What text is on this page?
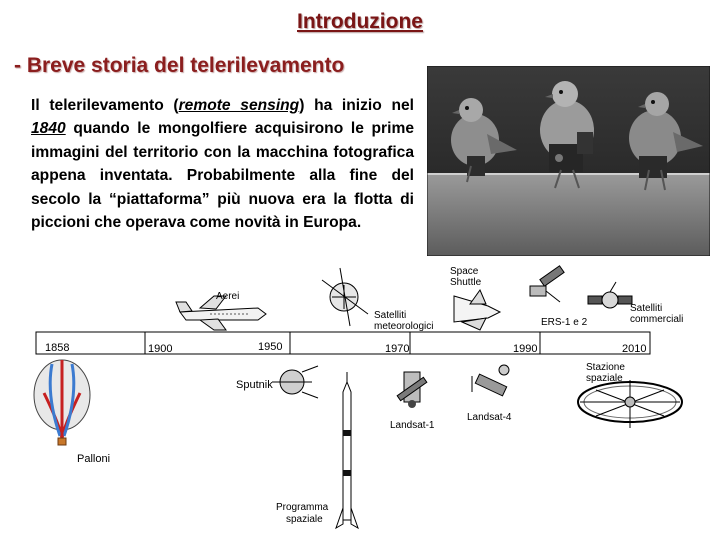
Introduzione
- Breve storia del telerilevamento
Il telerilevamento (remote sensing) ha inizio nel 1840 quando le mongolfiere acquisirono le prime immagini del territorio con la macchina fotografica appena inventata. Probabilmente alla fine del secolo la “piattaforma” più nuova era la flotta di piccioni che operava come novità in Europa.
1858	1900	1950	1970	1990	2010
Palloni
Aerei
Sputnik
Satelliti
meteorologici
Landsat-1
Programma
spaziale
Space
Shuttle
Landsat-4
ERS-1 e 2
Satelliti
commerciali
Stazione
spaziale
